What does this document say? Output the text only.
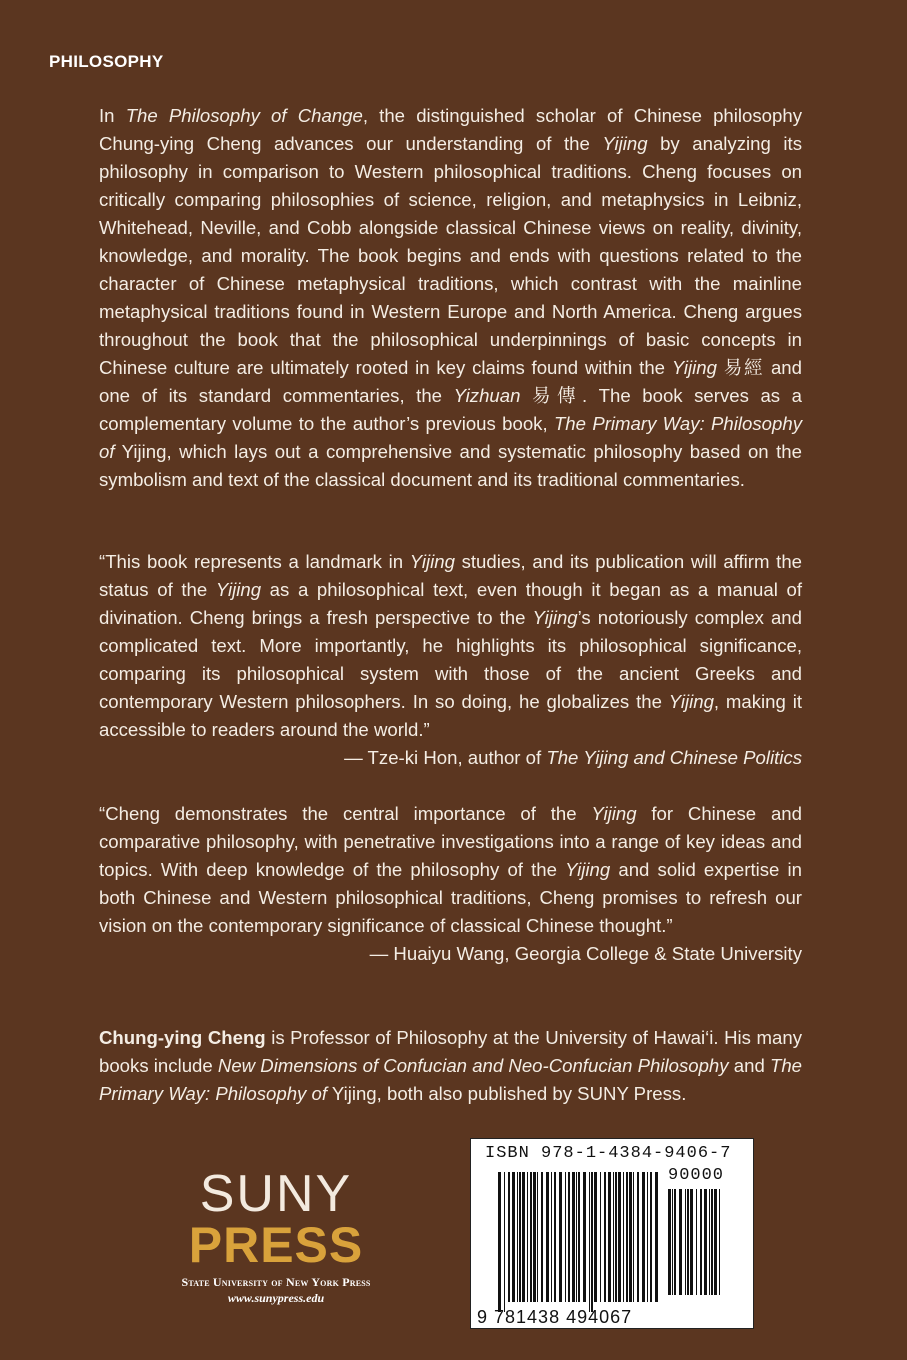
PHILOSOPHY

In The Philosophy of Change, the distinguished scholar of Chinese philosophy Chung-ying Cheng advances our understanding of the Yijing by analyzing its philosophy in comparison to Western philosophical traditions. Cheng focuses on critically comparing philosophies of science, religion, and metaphysics in Leibniz, Whitehead, Neville, and Cobb alongside classical Chinese views on reality, divinity, knowledge, and morality. The book begins and ends with questions related to the character of Chinese metaphysical traditions, which contrast with the mainline metaphysical traditions found in Western Europe and North America. Cheng argues throughout the book that the philosophical underpinnings of basic concepts in Chinese culture are ultimately rooted in key claims found within the Yijing 易經 and one of its standard commentaries, the Yizhuan 易傳. The book serves as a complementary volume to the author’s previous book, The Primary Way: Philosophy of Yijing, which lays out a comprehensive and systematic philosophy based on the symbolism and text of the classical document and its traditional commentaries.

“This book represents a landmark in Yijing studies, and its publication will affirm the status of the Yijing as a philosophical text, even though it began as a manual of divination. Cheng brings a fresh perspective to the Yijing’s notoriously complex and complicated text. More importantly, he highlights its philosophical significance, comparing its philosophical system with those of the ancient Greeks and contemporary Western philosophers. In so doing, he globalizes the Yijing, making it accessible to readers around the world.”

— Tze-ki Hon, author of The Yijing and Chinese Politics

“Cheng demonstrates the central importance of the Yijing for Chinese and comparative philosophy, with penetrative investigations into a range of key ideas and topics. With deep knowledge of the philosophy of the Yijing and solid expertise in both Chinese and Western philosophical traditions, Cheng promises to refresh our vision on the contemporary significance of classical Chinese thought.”

— Huaiyu Wang, Georgia College & State University

Chung-ying Cheng is Professor of Philosophy at the University of Hawai‘i. His many books include New Dimensions of Confucian and Neo-Confucian Philosophy and The Primary Way: Philosophy of Yijing, both also published by SUNY Press.

SUNY
PRESS
State University of New York Press
www.sunypress.edu
ISBN 978-1-4384-9406-7
90000
9 781438 494067
